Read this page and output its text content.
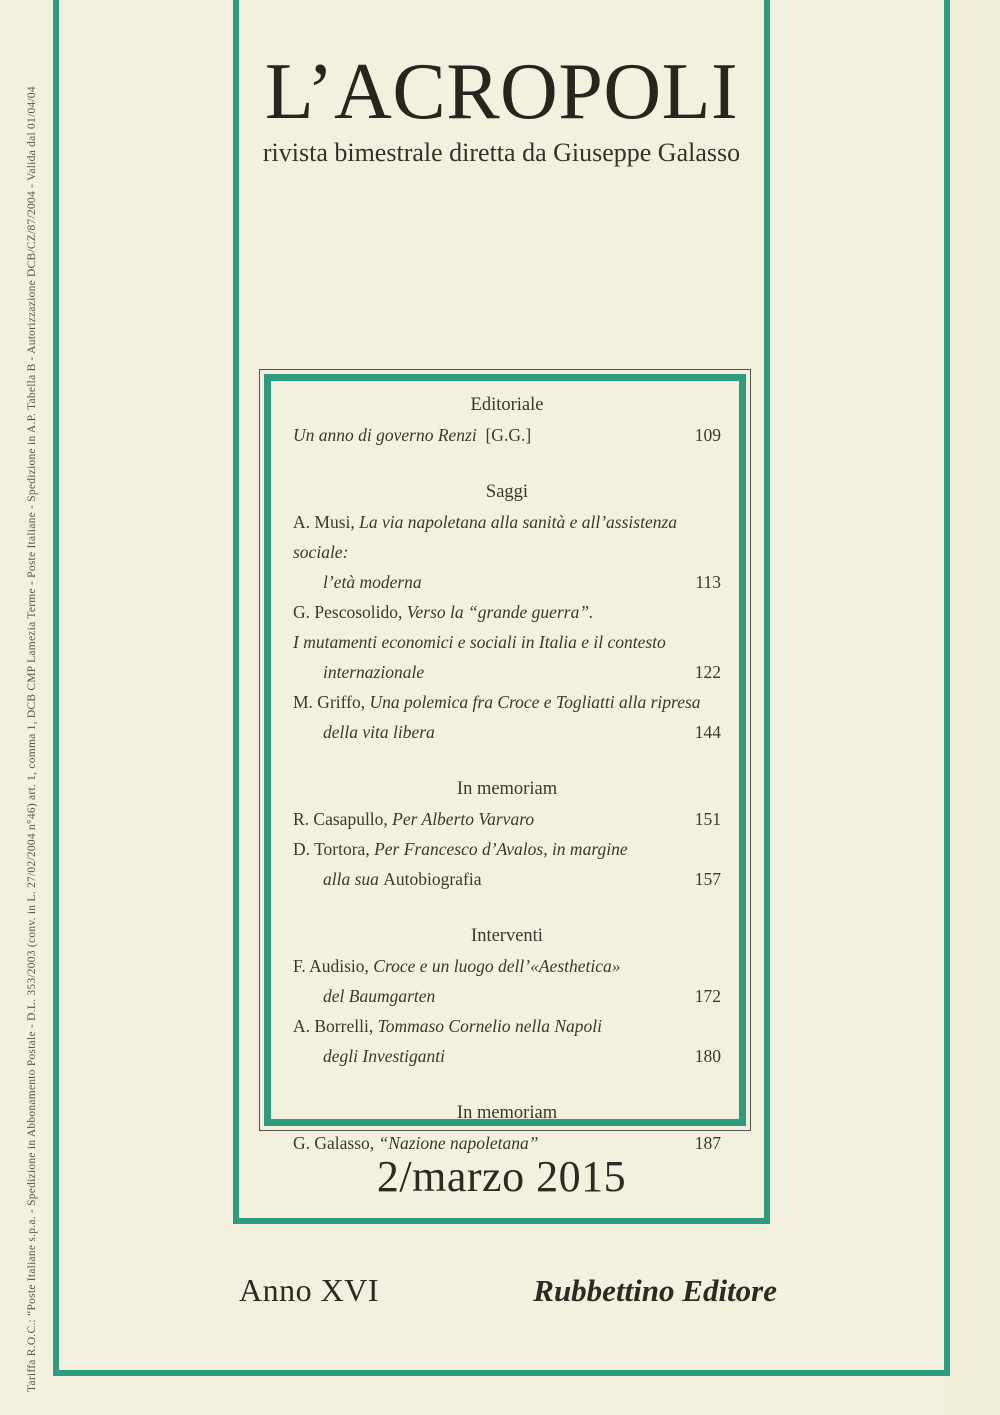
Tariffa R.O.C.: “Poste Italiane s.p.a. - Spedizione in Abbonamento Postale - D.L. 353/2003 (conv. in L. 27/02/2004 n°46) art. 1, comma 1, DCB CMP Lamezia Terme - Poste Italiane - Spedizione in A.P. Tabella B - Autorizzazione DCB/CZ/87/2004 - Valida dal 01/04/04	L’ACROPOLI
rivista bimestrale diretta da Giuseppe Galasso
Editoriale
Un anno di governo Renzi  [G.G.]	109
Saggi
A. Musi, La via napoletana alla sanità e all’assistenza sociale:
l’età moderna	113
G. Pescosolido, Verso la “grande guerra”.
I mutamenti economici e sociali in Italia e il contesto
internazionale	122
M. Griffo, Una polemica fra Croce e Togliatti alla ripresa
della vita libera	144
In memoriam
R. Casapullo, Per Alberto Varvaro	151
D. Tortora, Per Francesco d’Avalos, in margine
alla sua Autobiografia	157
Interventi
F. Audisio, Croce e un luogo dell’«Aesthetica»
del Baumgarten	172
A. Borrelli, Tommaso Cornelio nella Napoli
degli Investiganti	180
In memoriam
G. Galasso, “Nazione napoletana”	187
2/marzo 2015
Anno XVI	Rubbettino Editore
